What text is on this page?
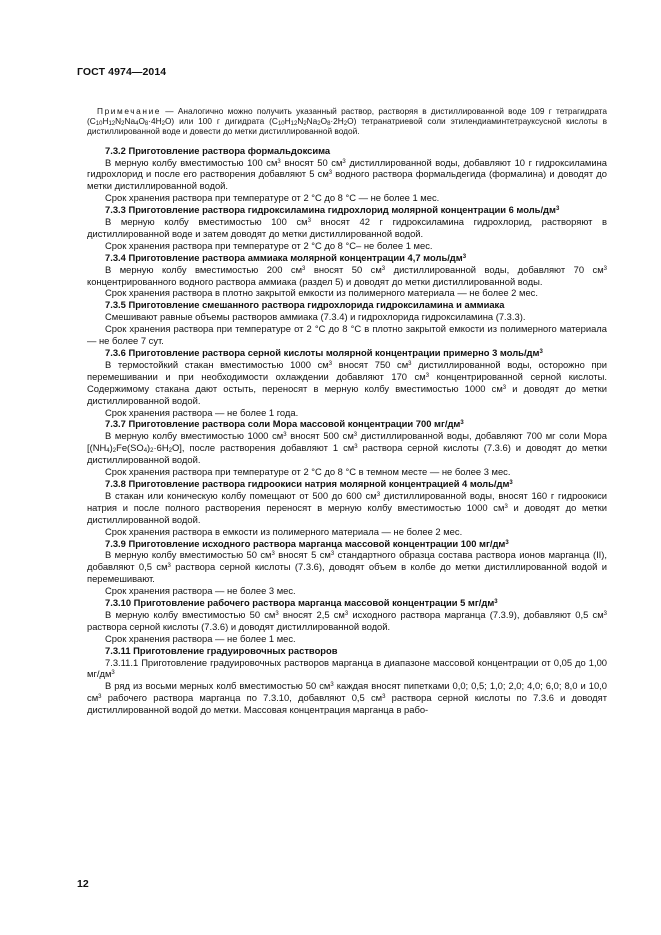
ГОСТ 4974—2014
Примечание — Аналогично можно получить указанный раствор, растворяя в дистиллированной воде 109 г тетрагидрата $(C_{10}H_{12}N_2Na_4O_8\cdot 4H_2O)$ или 100 г дигидрата $(C_{10}H_{12}N_2Na_2O_8\cdot 2H_2O)$ тетранатриевой соли этилендиаминтетрауксусной кислоты в дистиллированной воде и довести до метки дистиллированной водой.
7.3.2 Приготовление раствора формальдоксима

В мерную колбу вместимостью 100 $см^3$ вносят 50 $см^3$ дистиллированной воды, добавляют 10 г гидроксиламина гидрохлорид и после его растворения добавляют 5 $см^3$ водного раствора формальдегида (формалина) и доводят до метки дистиллированной водой.

Срок хранения раствора при температуре от 2 °С до 8 °С — не более 1 мес.

7.3.3 Приготовление раствора гидроксиламина гидрохлорид молярной концентрации 6 моль/$дм^3$

В мерную колбу вместимостью 100 $см^3$ вносят 42 г гидроксиламина гидрохлорид, растворяют в дистиллированной воде и затем доводят до метки дистиллированной водой.

Срок хранения раствора при температуре от 2 °С до 8 °С– не более 1 мес.

7.3.4 Приготовление раствора аммиака молярной концентрации 4,7 моль/$дм^3$

В мерную колбу вместимостью 200 $см^3$ вносят 50 $см^3$ дистиллированной воды, добавляют 70 $см^3$ концентрированного водного раствора аммиака (раздел 5) и доводят до метки дистиллированной воды.

Срок хранения раствора в плотно закрытой емкости из полимерного материала — не более 2 мес.

7.3.5 Приготовление смешанного раствора гидрохлорида гидроксиламина и аммиака

Смешивают равные объемы растворов аммиака (7.3.4) и гидрохлорида гидроксиламина (7.3.3).

Срок хранения раствора при температуре от 2 °С до 8 °С в плотно закрытой емкости из полимерного материала — не более 7 сут.

7.3.6 Приготовление раствора серной кислоты молярной концентрации примерно 3 моль/$дм^3$

В термостойкий стакан вместимостью 1000 $см^3$ вносят 750 $см^3$ дистиллированной воды, осторожно при перемешивании и при необходимости охлаждении добавляют 170 $см^3$ концентрированной серной кислоты. Содержимому стакана дают остыть, переносят в мерную колбу вместимостью 1000 $см^3$ и доводят до метки дистиллированной водой.

Срок хранения раствора — не более 1 года.

7.3.7 Приготовление раствора соли Мора массовой концентрации 700 $мг/дм^3$

В мерную колбу вместимостью 1000 $см^3$ вносят 500 $см^3$ дистиллированной воды, добавляют 700 мг соли Мора $[(NH_4)_2Fe(SO_4)_2\cdot 6H_2O]$, после растворения добавляют 1 $см^3$ раствора серной кислоты (7.3.6) и доводят до метки дистиллированной водой.

Срок хранения раствора при температуре от 2 °С до 8 °С в темном месте — не более 3 мес.

7.3.8 Приготовление раствора гидроокиси натрия молярной концентрацией 4 моль/$дм^3$

В стакан или коническую колбу помещают от 500 до 600 $см^3$ дистиллированной воды, вносят 160 г гидроокиси натрия и после полного растворения переносят в мерную колбу вместимостью 1000 $см^3$ и доводят до метки дистиллированной водой.

Срок хранения раствора в емкости из полимерного материала — не более 2 мес.

7.3.9 Приготовление исходного раствора марганца массовой концентрации 100 $мг/дм^3$

В мерную колбу вместимостью 50 $см^3$ вносят 5 $см^3$ стандартного образца состава раствора ионов марганца (II), добавляют 0,5 $см^3$ раствора серной кислоты (7.3.6), доводят объем в колбе до метки дистиллированной водой и перемешивают.

Срок хранения раствора — не более 3 мес.

7.3.10 Приготовление рабочего раствора марганца массовой концентрации 5 $мг/дм^3$

В мерную колбу вместимостью 50 $см^3$ вносят 2,5 $см^3$ исходного раствора марганца (7.3.9), добавляют 0,5 $см^3$ раствора серной кислоты (7.3.6) и доводят дистиллированной водой.

Срок хранения раствора — не более 1 мес.

7.3.11 Приготовление градуировочных растворов

7.3.11.1 Приготовление градуировочных растворов марганца в диапазоне массовой концентрации от 0,05 до 1,00 $мг/дм^3$

В ряд из восьми мерных колб вместимостью 50 $см^3$ каждая вносят пипетками 0,0; 0,5; 1,0; 2,0; 4,0; 6,0; 8,0 и 10,0 $см^3$ рабочего раствора марганца по 7.3.10, добавляют 0,5 $см^3$ раствора серной кислоты по 7.3.6 и доводят дистиллированной водой до метки. Массовая концентрация марганца в рабо-

12
